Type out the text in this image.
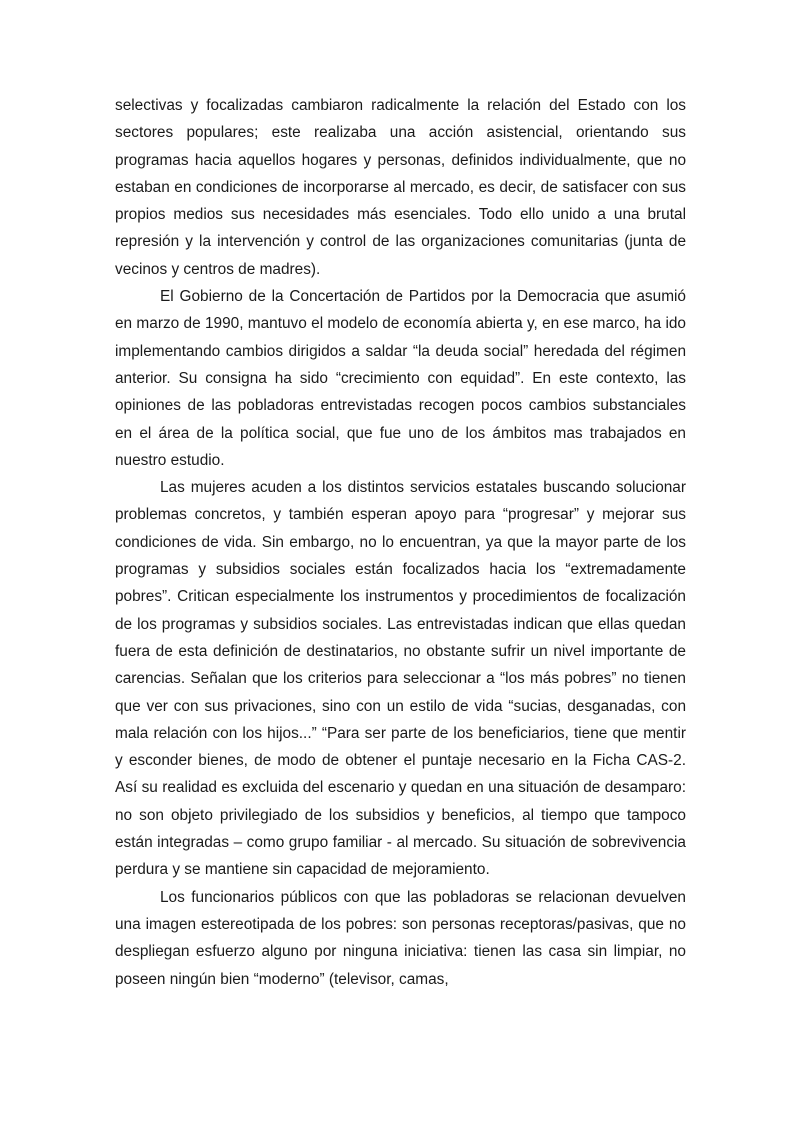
selectivas y focalizadas cambiaron radicalmente la relación del Estado con los sectores populares; este realizaba una acción asistencial, orientando sus programas hacia aquellos hogares y personas, definidos individualmente, que no estaban en condiciones de incorporarse al mercado, es decir, de satisfacer con sus propios medios sus necesidades más esenciales. Todo ello unido a una brutal represión y la intervención y control de las organizaciones comunitarias (junta de vecinos y centros de madres).

El Gobierno de la Concertación de Partidos por la Democracia que asumió en marzo de 1990, mantuvo el modelo de economía abierta y, en ese marco, ha ido implementando cambios dirigidos a saldar “la deuda social” heredada del régimen anterior. Su consigna ha sido “crecimiento con equidad”. En este contexto, las opiniones de las pobladoras entrevistadas recogen pocos cambios substanciales en el área de la política social, que fue uno de los ámbitos mas trabajados en nuestro estudio.

Las mujeres acuden a los distintos servicios estatales buscando solucionar problemas concretos, y también esperan apoyo para “progresar” y mejorar sus condiciones de vida. Sin embargo, no lo encuentran, ya que la mayor parte de los programas y subsidios sociales están focalizados hacia los “extremadamente pobres”. Critican especialmente los instrumentos y procedimientos de focalización de los programas y subsidios sociales. Las entrevistadas indican que ellas quedan fuera de esta definición de destinatarios, no obstante sufrir un nivel importante de carencias. Señalan que los criterios para seleccionar a “los más pobres” no tienen que ver con sus privaciones, sino con un estilo de vida “sucias, desganadas, con mala relación con los hijos...” “Para ser parte de los beneficiarios, tiene que mentir y esconder bienes, de modo de obtener el puntaje necesario en la Ficha CAS-2. Así su realidad es excluida del escenario y quedan en una situación de desamparo: no son objeto privilegiado de los subsidios y beneficios, al tiempo que tampoco están integradas – como grupo familiar - al mercado. Su situación de sobrevivencia perdura y se mantiene sin capacidad de mejoramiento.

Los funcionarios públicos con que las pobladoras se relacionan devuelven una imagen estereotipada de los pobres: son personas receptoras/pasivas, que no despliegan esfuerzo alguno por ninguna iniciativa: tienen las casa sin limpiar, no poseen ningún bien “moderno” (televisor, camas,
